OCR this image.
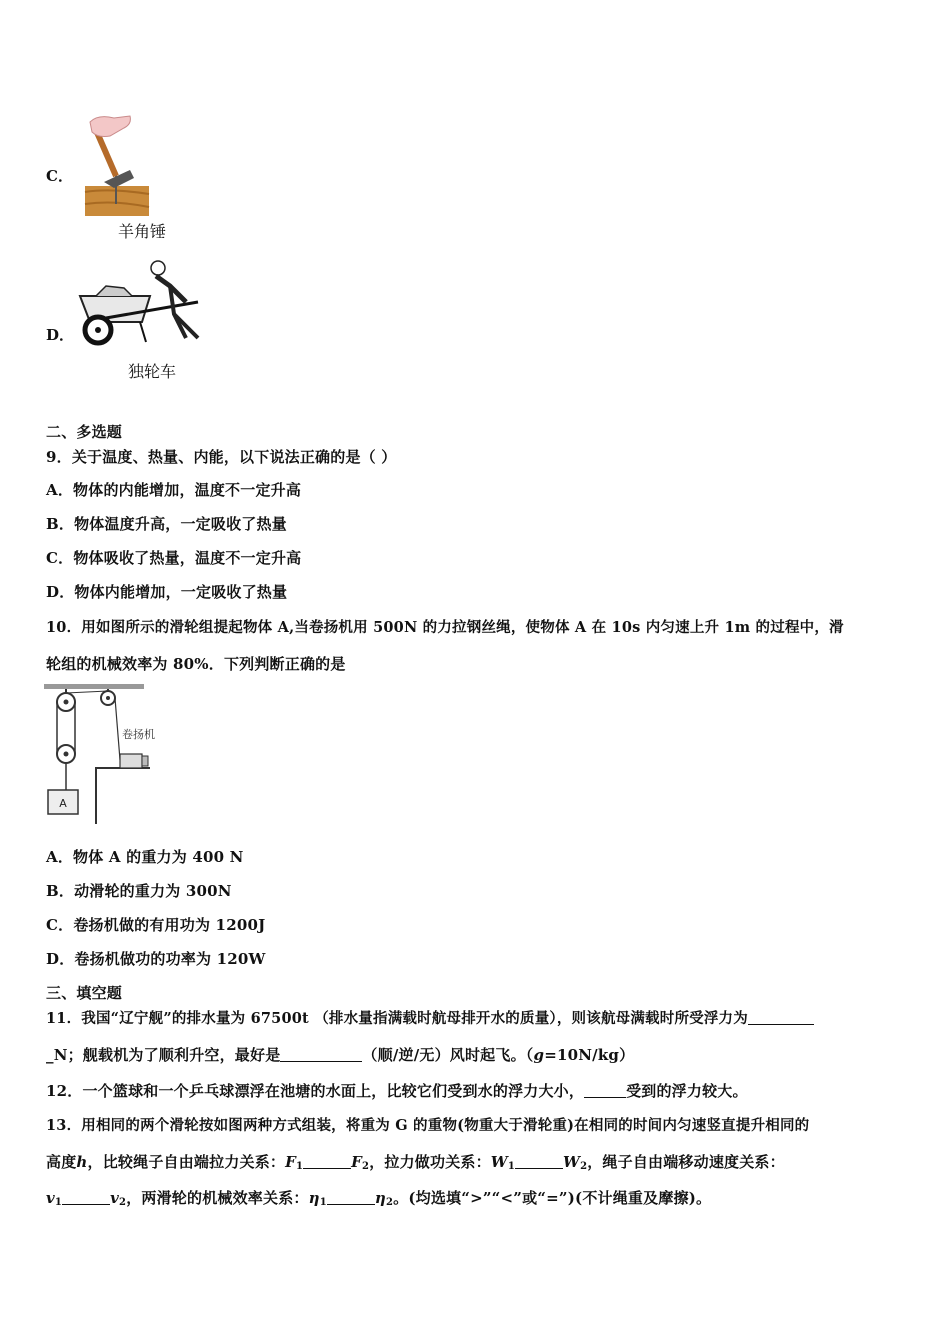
C．
羊角锤
D．
独轮车
二、多选题
9．关于温度、热量、内能，以下说法正确的是（ ）
A．物体的内能增加，温度不一定升高
B．物体温度升高，一定吸收了热量
C．物体吸收了热量，温度不一定升高
D．物体内能增加，一定吸收了热量
10．用如图所示的滑轮组提起物体 A,当卷扬机用 500N 的力拉钢丝绳，使物体 A 在 10s 内匀速上升 1m 的过程中，滑
轮组的机械效率为 80%．下列判断正确的是
A
卷扬机
A．物体 A 的重力为 400 N
B．动滑轮的重力为 300N
C．卷扬机做的有用功为 1200J
D．卷扬机做功的功率为 120W
三、填空题
11．我国“辽宁舰”的排水量为 67500t （排水量指满载时航母排开水的质量），则该航母满载时所受浮力为
_N；舰载机为了顺利升空，最好是	（顺/逆/无）风时起飞。（g=10N/kg）
12．一个篮球和一个乒乓球漂浮在池塘的水面上，比较它们受到水的浮力大小，	受到的浮力较大。
13．用相同的两个滑轮按如图两种方式组装，将重为 G 的重物(物重大于滑轮重)在相同的时间内匀速竖直提升相同的
高度h，比较绳子自由端拉力关系：$F_1$	$F_2$，拉力做功关系：$W_1$	$W_2$，绳子自由端移动速度关系：
$v_1$	$v_2$，两滑轮的机械效率关系：$\eta_1$	$\eta_2$。(均选填“>”“<”或“=”)(不计绳重及摩擦)。
